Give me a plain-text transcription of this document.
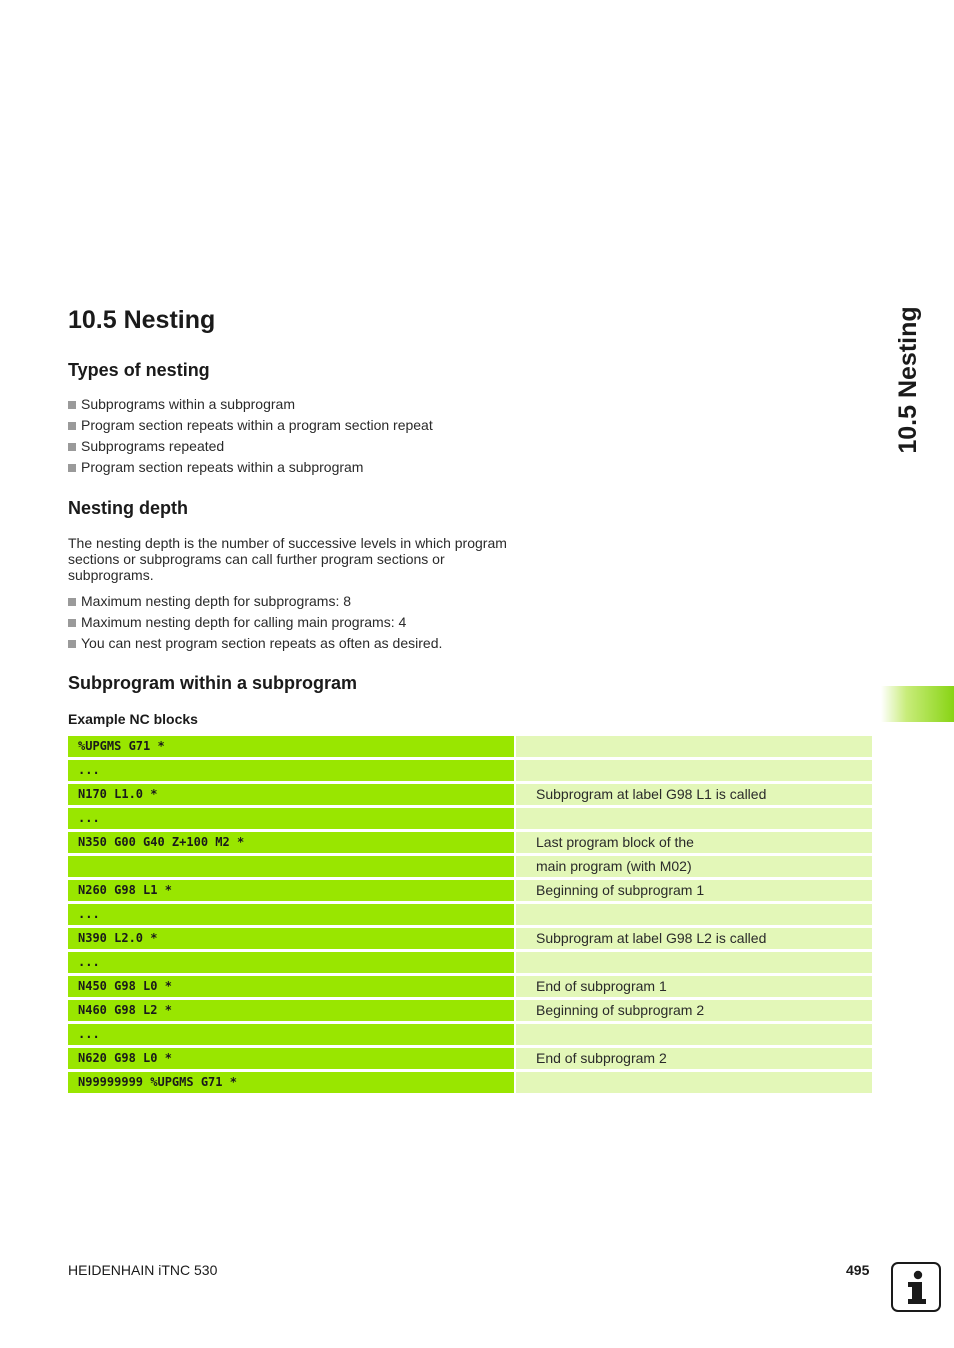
10.5 Nesting	10.5 Nesting
Types of nesting
Subprograms within a subprogram
Program section repeats within a program section repeat
Subprograms repeated
Program section repeats within a subprogram
Nesting depth

The nesting depth is the number of successive levels in which program sections or subprograms can call further program sections or subprograms.

Maximum nesting depth for subprograms: 8
Maximum nesting depth for calling main programs: 4
You can nest program section repeats as often as desired.
Subprogram within a subprogram
Example NC blocks
%UPGMS G71 *
...
N170 L1.0 *	Subprogram at label G98 L1 is called
...
N350 G00 G40 Z+100 M2 *	Last program block of the
main program (with M02)
N260 G98 L1 *	Beginning of subprogram 1
...
N390 L2.0 *	Subprogram at label G98 L2 is called
...
N450 G98 L0 *	End of subprogram 1
N460 G98 L2 *	Beginning of subprogram 2
...
N620 G98 L0 *	End of subprogram 2
N99999999 %UPGMS G71 *
HEIDENHAIN iTNC 530	495
